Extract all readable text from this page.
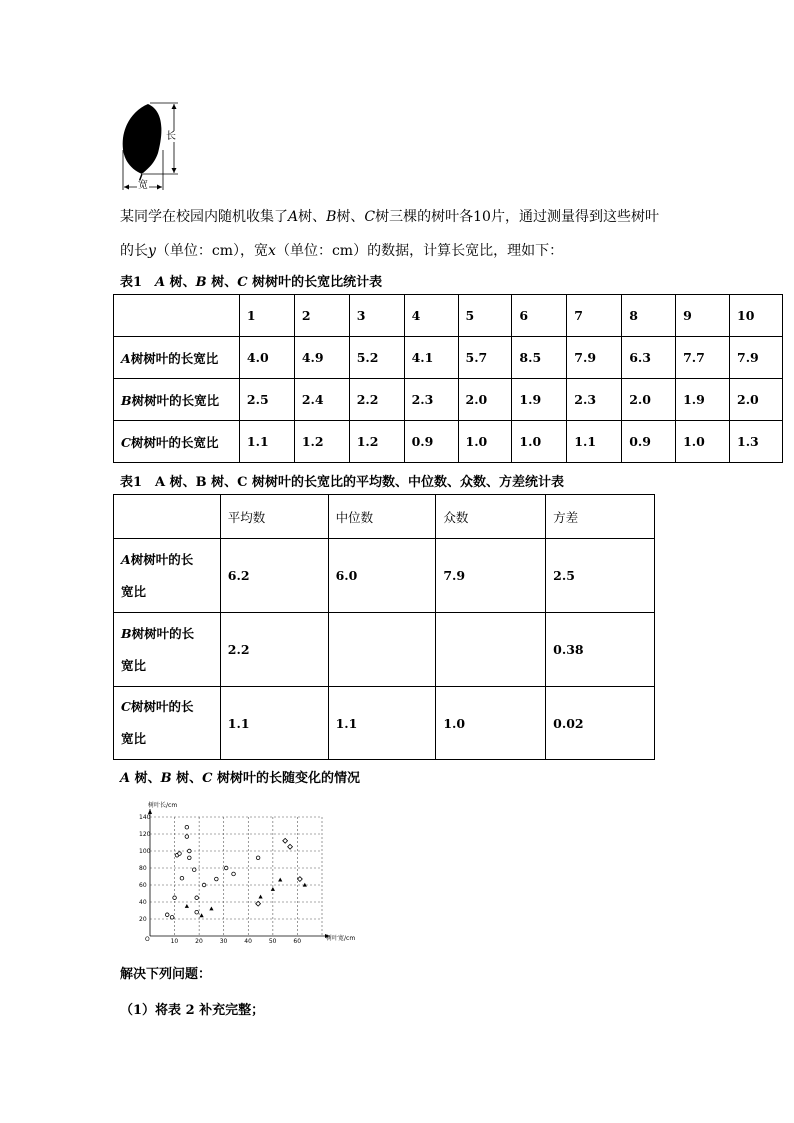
长
宽
某同学在校园内随机收集了A树、B树、C树三棵的树叶各10片，通过测量得到这些树叶
的长y（单位：cm），宽x（单位：cm）的数据，计算长宽比，理如下：
表1　A 树、B 树、C 树树叶的长宽比统计表
	1	2	3	4	5	6	7	8	9	10
A树树叶的长宽比	4.0	4.9	5.2	4.1	5.7	8.5	7.9	6.3	7.7	7.9
B树树叶的长宽比	2.5	2.4	2.2	2.3	2.0	1.9	2.3	2.0	1.9	2.0
C树树叶的长宽比	1.1	1.2	1.2	0.9	1.0	1.0	1.1	0.9	1.0	1.3
表1　A 树、B 树、C 树树叶的长宽比的平均数、中位数、众数、方差统计表
	平均数	中位数	众数	方差
A树树叶的长
宽比	6.2	6.0	7.9	2.5
B树树叶的长
宽比	2.2			0.38
C树树叶的长
宽比	1.1	1.1	1.0	0.02
A 树、B 树、C 树树叶的长随变化的情况
10	20	30	40	50	60
20
40
60
80
100
120
140
树叶长/cm
树叶宽/cm
O
解决下列问题：
（1）将表 2 补充完整；
